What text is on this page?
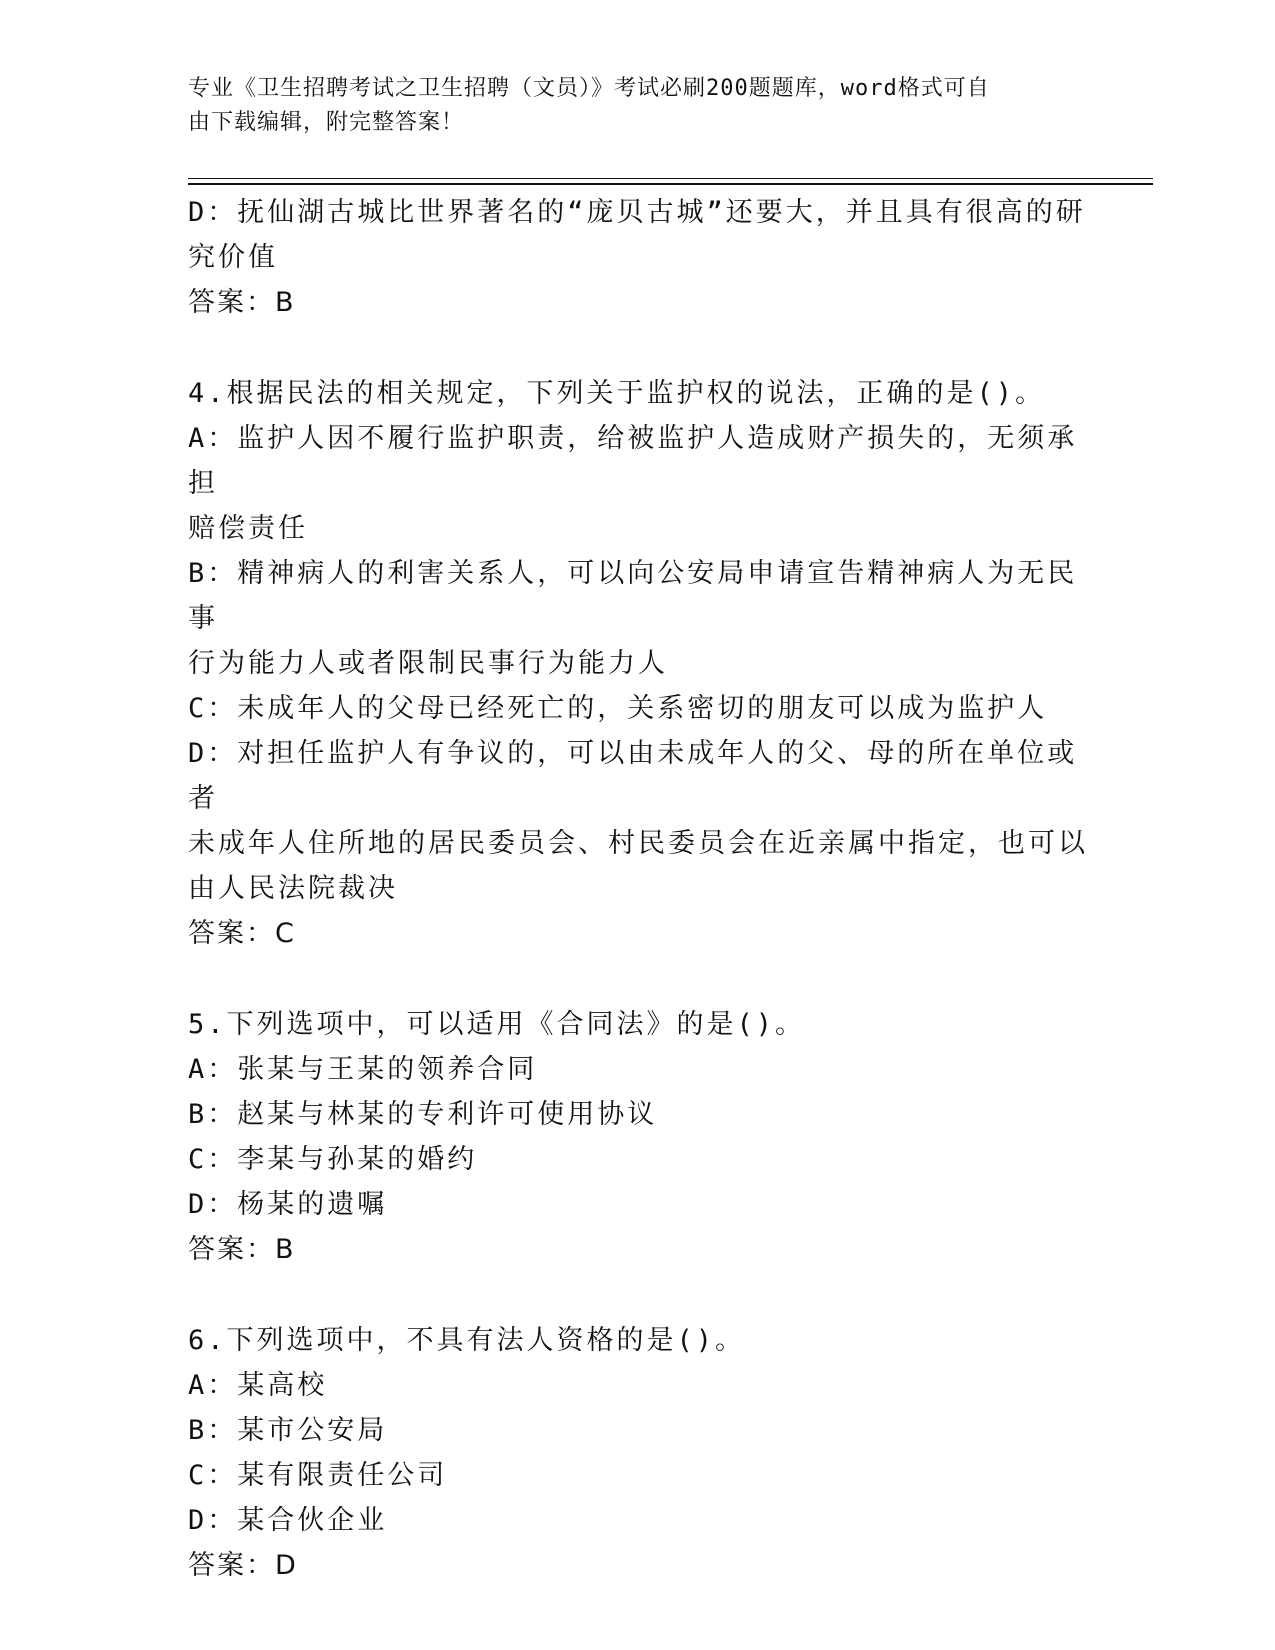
专业《卫生招聘考试之卫生招聘（文员）》考试必刷200题题库，word格式可自
由下载编辑，附完整答案！
D：抚仙湖古城比世界著名的“庞贝古城”还要大，并且具有很高的研
究价值
答案：B
4.根据民法的相关规定，下列关于监护权的说法，正确的是()。
A：监护人因不履行监护职责，给被监护人造成财产损失的，无须承担
赔偿责任
B：精神病人的利害关系人，可以向公安局申请宣告精神病人为无民事
行为能力人或者限制民事行为能力人
C：未成年人的父母已经死亡的，关系密切的朋友可以成为监护人
D：对担任监护人有争议的，可以由未成年人的父、母的所在单位或者
未成年人住所地的居民委员会、村民委员会在近亲属中指定，也可以
由人民法院裁决
答案：C
5.下列选项中，可以适用《合同法》的是()。
A：张某与王某的领养合同
B：赵某与林某的专利许可使用协议
C：李某与孙某的婚约
D：杨某的遗嘱
答案：B
6.下列选项中，不具有法人资格的是()。
A：某高校
B：某市公安局
C：某有限责任公司
D：某合伙企业
答案：D
